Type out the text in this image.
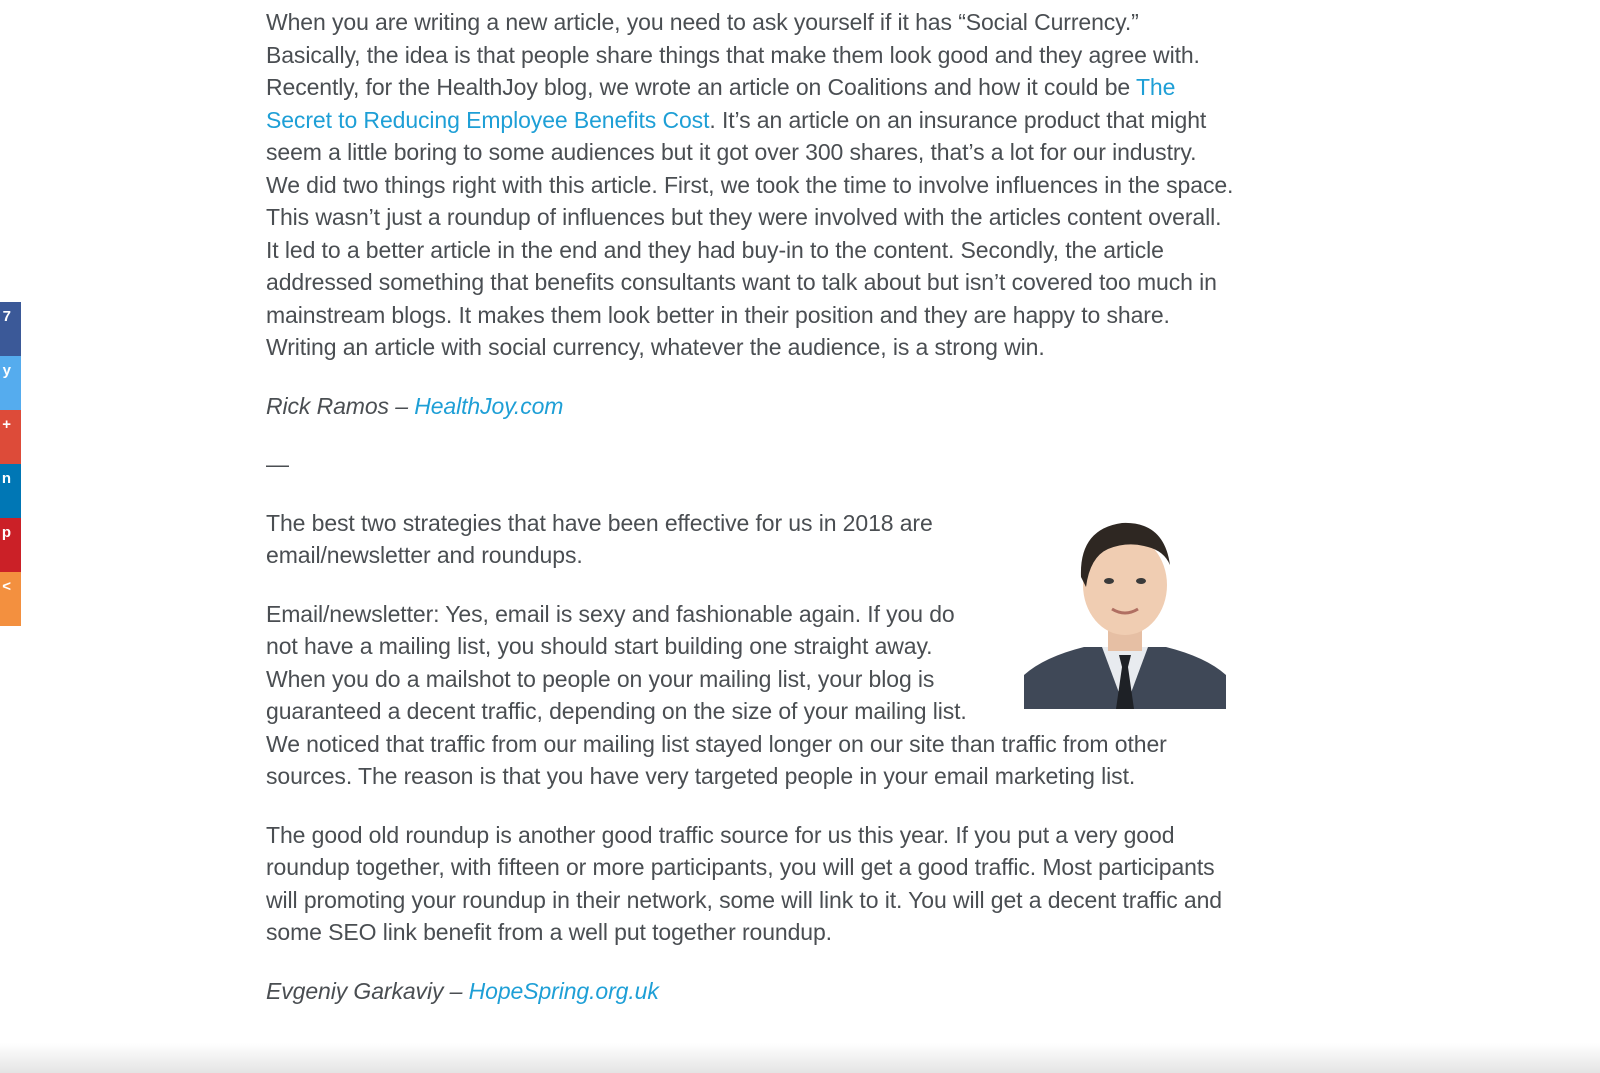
7
y
+
n
p
<

When you are writing a new article, you need to ask yourself if it has “Social Currency.” Basically, the idea is that people share things that make them look good and they agree with. Recently, for the HealthJoy blog, we wrote an article on Coalitions and how it could be The Secret to Reducing Employee Benefits Cost. It’s an article on an insurance product that might seem a little boring to some audiences but it got over 300 shares, that’s a lot for our industry. We did two things right with this article. First, we took the time to involve influences in the space. This wasn’t just a roundup of influences but they were involved with the articles content overall. It led to a better article in the end and they had buy-in to the content. Secondly, the article addressed something that benefits consultants want to talk about but isn’t covered too much in mainstream blogs. It makes them look better in their position and they are happy to share. Writing an article with social currency, whatever the audience, is a strong win.

Rick Ramos – HealthJoy.com

—

The best two strategies that have been effective for us in 2018 are email/newsletter and roundups.

Email/newsletter: Yes, email is sexy and fashionable again. If you do not have a mailing list, you should start building one straight away. When you do a mailshot to people on your mailing list, your blog is guaranteed a decent traffic, depending on the size of your mailing list. We noticed that traffic from our mailing list stayed longer on our site than traffic from other sources. The reason is that you have very targeted people in your email marketing list.

The good old roundup is another good traffic source for us this year. If you put a very good roundup together, with fifteen or more participants, you will get a good traffic. Most participants will promoting your roundup in their network, some will link to it. You will get a decent traffic and some SEO link benefit from a well put together roundup.

Evgeniy Garkaviy – HopeSpring.org.uk
